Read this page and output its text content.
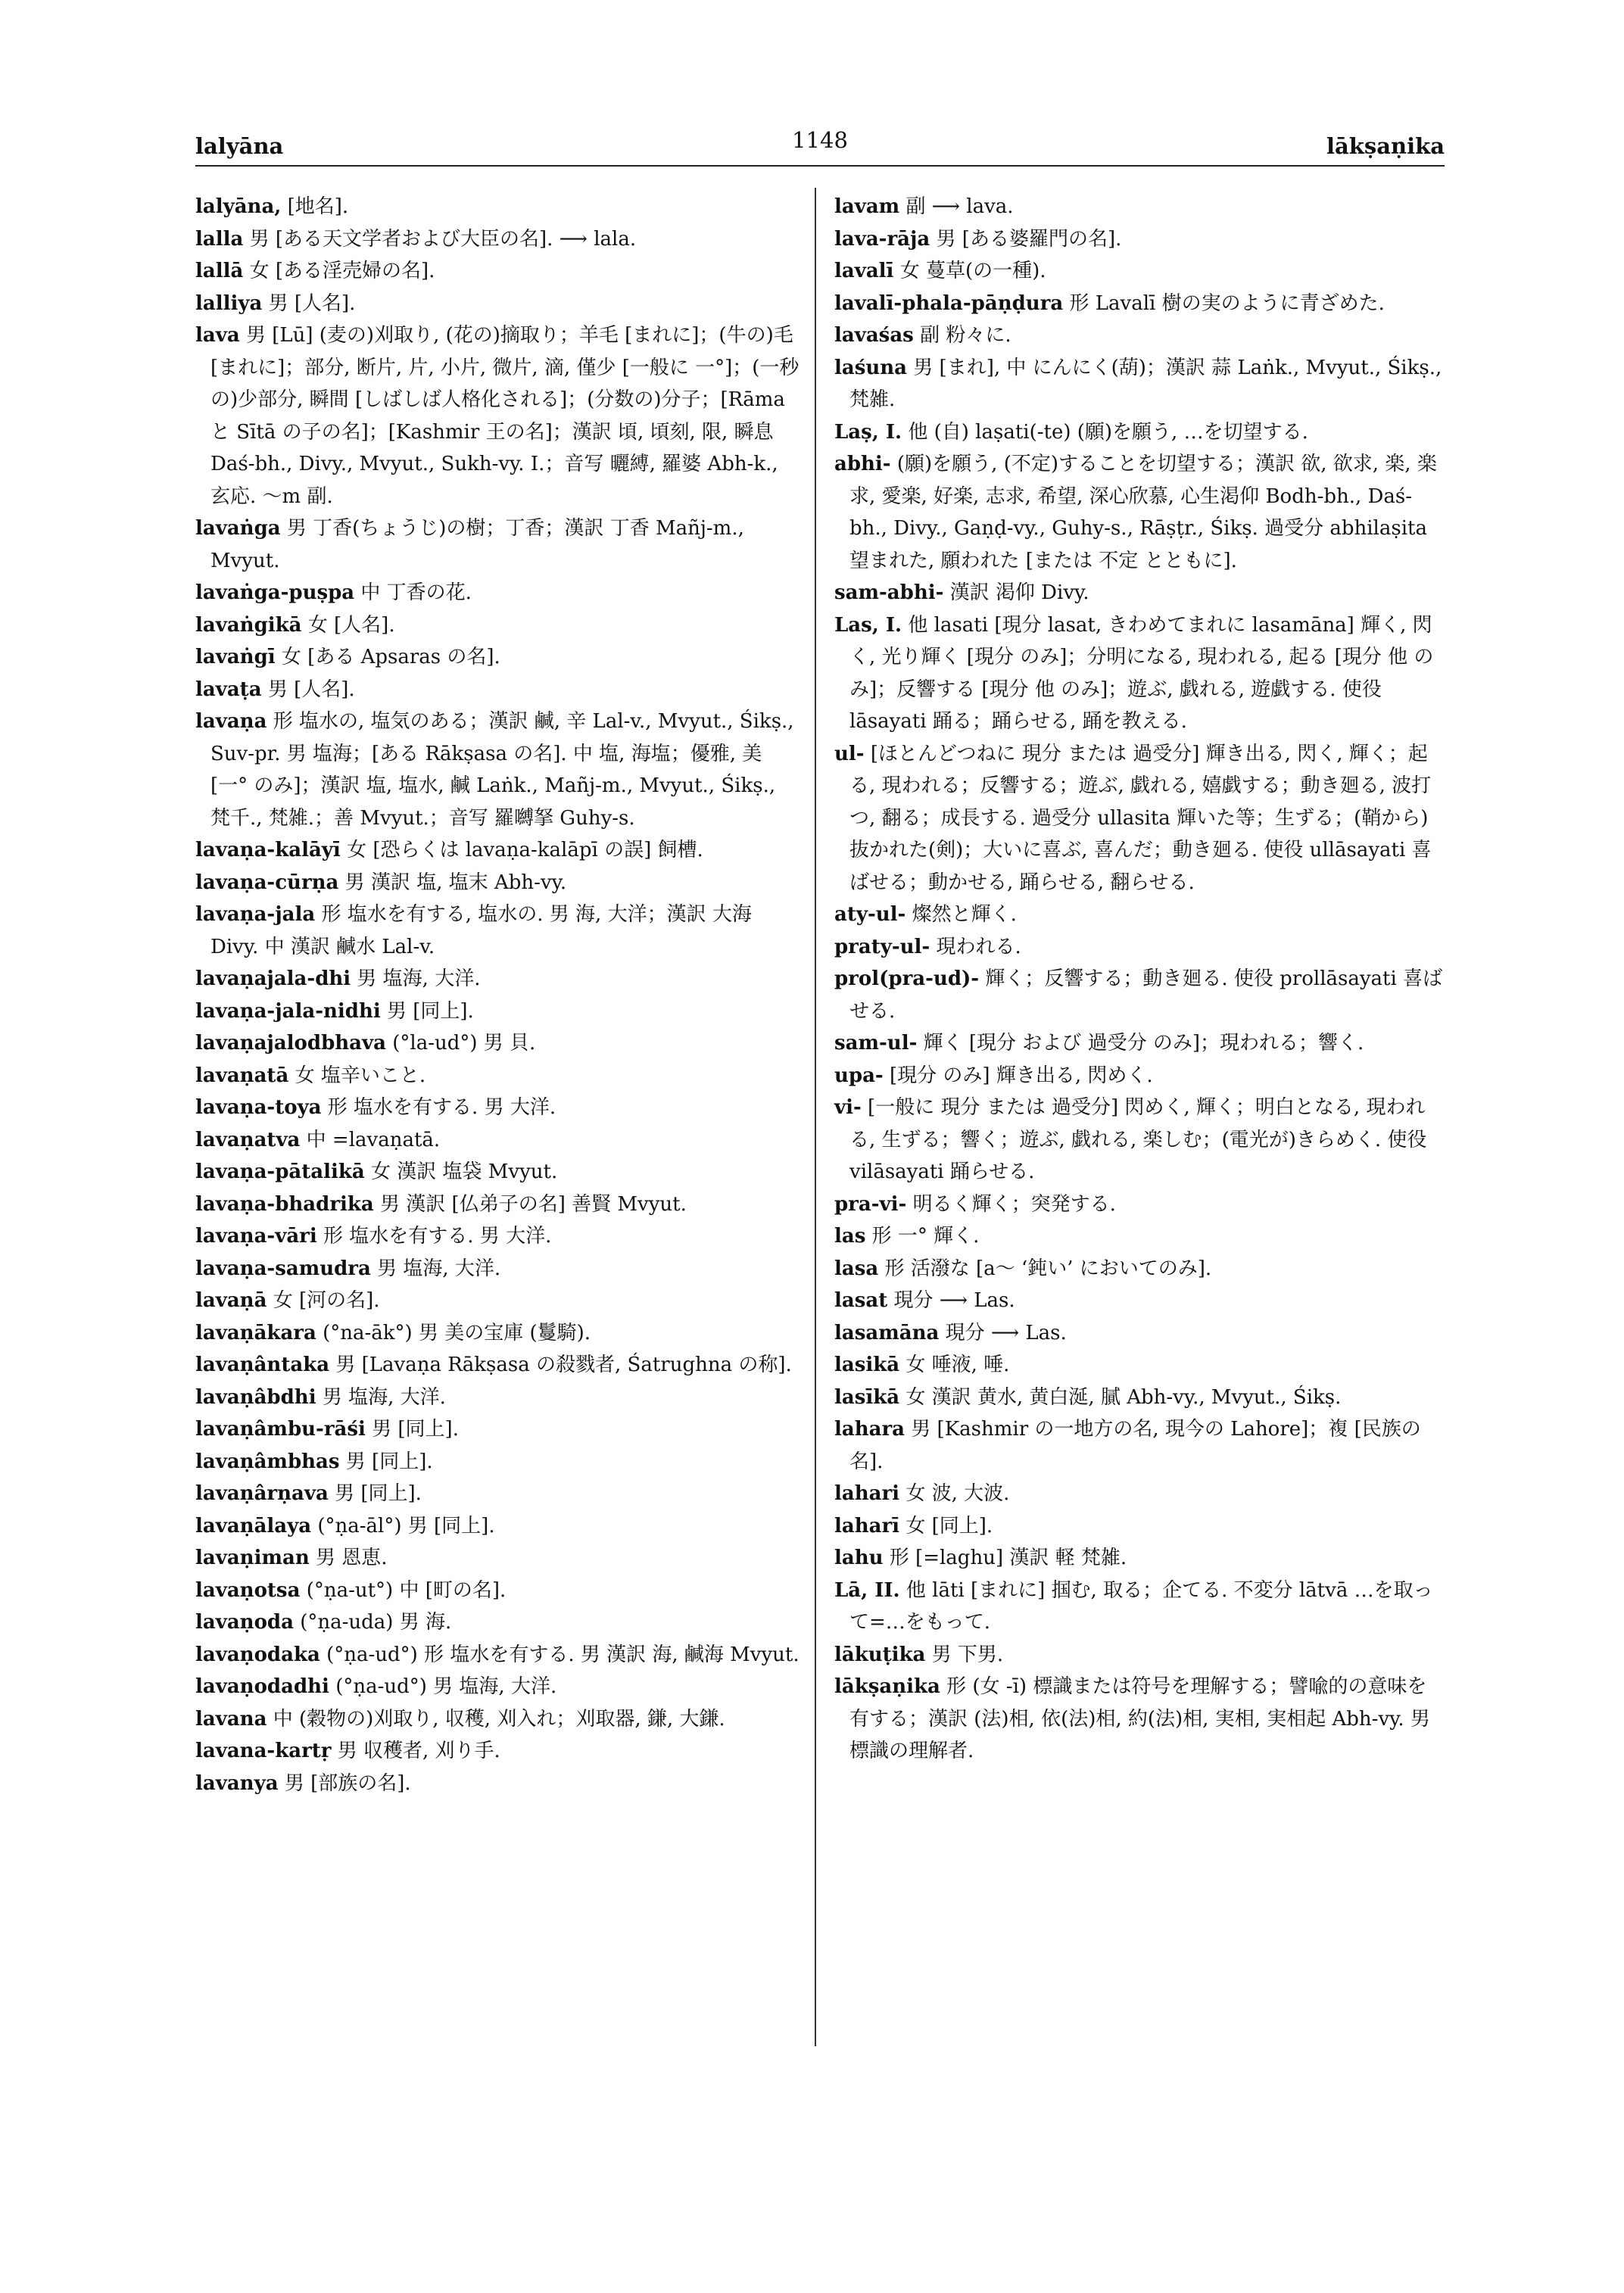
lalyāna	1148	lākṣaṇika

lalyāna, [地名].

lalla 男 [ある天文学者および大臣の名]. ⟶ lala.

lallā 女 [ある淫売婦の名].

lalliya 男 [人名].

lava 男 [Lū] (麦の)刈取り, (花の)摘取り；羊毛 [まれに]；(牛の)毛 [まれに]；部分, 断片, 片, 小片, 微片, 滴, 僅少 [一般に 一°]；(一秒の)少部分, 瞬間 [しばしば人格化される]；(分数の)分子；[Rāma と Sītā の子の名]；[Kashmir 王の名]；漢訳 頃, 頃刻, 限, 瞬息 Daś-bh., Divy., Mvyut., Sukh-vy. I.；音写 曬縛, 羅婆 Abh-k., 玄応. ～m 副.

lavaṅga 男 丁香(ちょうじ)の樹；丁香；漢訳 丁香 Mañj-m., Mvyut.

lavaṅga-puṣpa 中 丁香の花.

lavaṅgikā 女 [人名].

lavaṅgī 女 [ある Apsaras の名].

lavaṭa 男 [人名].

lavaṇa 形 塩水の, 塩気のある；漢訳 鹹, 辛 Lal-v., Mvyut., Śikṣ., Suv-pr. 男 塩海；[ある Rākṣasa の名]. 中 塩, 海塩；優雅, 美 [一° のみ]；漢訳 塩, 塩水, 鹹 Laṅk., Mañj-m., Mvyut., Śikṣ., 梵千., 梵雑.；善 Mvyut.；音写 羅嚩拏 Guhy-s.

lavaṇa-kalāyī 女 [恐らくは lavaṇa-kalāpī の誤] 飼槽.

lavaṇa-cūrṇa 男 漢訳 塩, 塩末 Abh-vy.

lavaṇa-jala 形 塩水を有する, 塩水の. 男 海, 大洋；漢訳 大海 Divy. 中 漢訳 鹹水 Lal-v.

lavaṇajala-dhi 男 塩海, 大洋.

lavaṇa-jala-nidhi 男 [同上].

lavaṇajalodbhava (°la-ud°) 男 貝.

lavaṇatā 女 塩辛いこと.

lavaṇa-toya 形 塩水を有する. 男 大洋.

lavaṇatva 中 =lavaṇatā.

lavaṇa-pātalikā 女 漢訳 塩袋 Mvyut.

lavaṇa-bhadrika 男 漢訳 [仏弟子の名] 善賢 Mvyut.

lavaṇa-vāri 形 塩水を有する. 男 大洋.

lavaṇa-samudra 男 塩海, 大洋.

lavaṇā 女 [河の名].

lavaṇākara (°na-āk°) 男 美の宝庫 (鬘騎).

lavaṇântaka 男 [Lavaṇa Rākṣasa の殺戮者, Śatrughna の称].

lavaṇâbdhi 男 塩海, 大洋.

lavaṇâmbu-rāśi 男 [同上].

lavaṇâmbhas 男 [同上].

lavaṇârṇava 男 [同上].

lavaṇālaya (°ṇa-āl°) 男 [同上].

lavaṇiman 男 恩恵.

lavaṇotsa (°ṇa-ut°) 中 [町の名].

lavaṇoda (°ṇa-uda) 男 海.

lavaṇodaka (°ṇa-ud°) 形 塩水を有する. 男 漢訳 海, 鹹海 Mvyut.

lavaṇodadhi (°ṇa-ud°) 男 塩海, 大洋.

lavana 中 (穀物の)刈取り, 収穫, 刈入れ；刈取器, 鎌, 大鎌.

lavana-kartṛ 男 収穫者, 刈り手.

lavanya 男 [部族の名].

lavam 副 ⟶ lava.

lava-rāja 男 [ある婆羅門の名].

lavalī 女 蔓草(の一種).

lavalī-phala-pāṇḍura 形 Lavalī 樹の実のように青ざめた.

lavaśas 副 粉々に.

laśuna 男 [まれ], 中 にんにく(葫)；漢訳 蒜 Laṅk., Mvyut., Śikṣ., 梵雑.

Laṣ, I. 他 (自) laṣati(-te) (願)を願う, …を切望する.

abhi- (願)を願う, (不定)することを切望する；漢訳 欲, 欲求, 楽, 楽求, 愛楽, 好楽, 志求, 希望, 深心欣慕, 心生渇仰 Bodh-bh., Daś-bh., Divy., Gaṇḍ-vy., Guhy-s., Rāṣṭr., Śikṣ. 過受分 abhilaṣita 望まれた, 願われた [または 不定 とともに].

sam-abhi- 漢訳 渇仰 Divy.

Las, I. 他 lasati [現分 lasat, きわめてまれに lasamāna] 輝く, 閃く, 光り輝く [現分 のみ]；分明になる, 現われる, 起る [現分 他 のみ]；反響する [現分 他 のみ]；遊ぶ, 戯れる, 遊戯する. 使役 lāsayati 踊る；踊らせる, 踊を教える.

ul- [ほとんどつねに 現分 または 過受分] 輝き出る, 閃く, 輝く；起る, 現われる；反響する；遊ぶ, 戯れる, 嬉戯する；動き廻る, 波打つ, 翻る；成長する. 過受分 ullasita 輝いた等；生ずる；(鞘から)抜かれた(剣)；大いに喜ぶ, 喜んだ；動き廻る. 使役 ullāsayati 喜ばせる；動かせる, 踊らせる, 翻らせる.

aty-ul- 燦然と輝く.

praty-ul- 現われる.

prol(pra-ud)- 輝く；反響する；動き廻る. 使役 prollāsayati 喜ばせる.

sam-ul- 輝く [現分 および 過受分 のみ]；現われる；響く.

upa- [現分 のみ] 輝き出る, 閃めく.

vi- [一般に 現分 または 過受分] 閃めく, 輝く；明白となる, 現われる, 生ずる；響く；遊ぶ, 戯れる, 楽しむ；(電光が)きらめく. 使役 vilāsayati 踊らせる.

pra-vi- 明るく輝く；突発する.

las 形 一° 輝く.

lasa 形 活潑な [a～ ‘鈍い’ においてのみ].

lasat 現分 ⟶ Las.

lasamāna 現分 ⟶ Las.

lasikā 女 唾液, 唾.

lasīkā 女 漢訳 黄水, 黄白涎, 膩 Abh-vy., Mvyut., Śikṣ.

lahara 男 [Kashmir の一地方の名, 現今の Lahore]；複 [民族の名].

lahari 女 波, 大波.

laharī 女 [同上].

lahu 形 [=laghu] 漢訳 軽 梵雑.

Lā, II. 他 lāti [まれに] 掴む, 取る；企てる. 不変分 lātvā …を取って=…をもって.

lākuṭika 男 下男.

lākṣaṇika 形 (女 -ī) 標識または符号を理解する；譬喩的の意味を有する；漢訳 (法)相, 依(法)相, 約(法)相, 実相, 実相起 Abh-vy. 男 標識の理解者.
